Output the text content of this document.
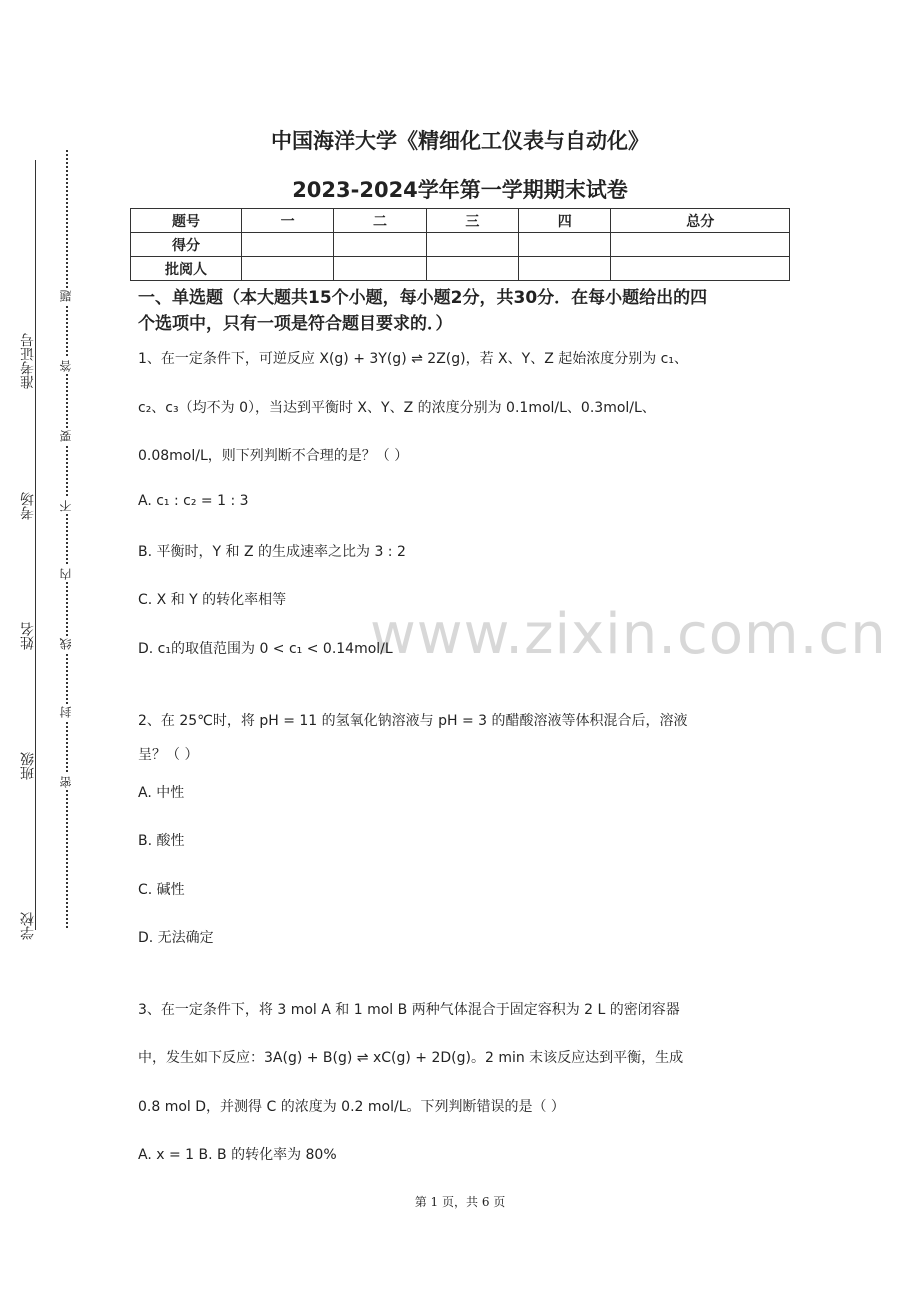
准考证号
考场
姓名
班级
学校
题
答
要
不
内
线
封
密
中国海洋大学《精细化工仪表与自动化》
2023-2024学年第一学期期末试卷
题号	一	二	三	四	总分
得分					
批阅人					
一、单选题（本大题共15个小题，每小题2分，共30分．在每小题给出的四
个选项中，只有一项是符合题目要求的．）
www.zixin.com.cn
1、在一定条件下，可逆反应 X(g) + 3Y(g) ⇌ 2Z(g)，若 X、Y、Z 起始浓度分别为 c₁、
c₂、c₃（均不为 0），当达到平衡时 X、Y、Z 的浓度分别为 0.1mol/L、0.3mol/L、
0.08mol/L，则下列判断不合理的是？（ ）
A. c₁ : c₂ = 1 : 3
B. 平衡时，Y 和 Z 的生成速率之比为 3 : 2
C. X 和 Y 的转化率相等
D. c₁的取值范围为 0 < c₁ < 0.14mol/L
2、在 25℃时，将 pH = 11 的氢氧化钠溶液与 pH = 3 的醋酸溶液等体积混合后，溶液
呈？（ ）
A. 中性
B. 酸性
C. 碱性
D. 无法确定
3、在一定条件下，将 3 mol A 和 1 mol B 两种气体混合于固定容积为 2 L 的密闭容器
中，发生如下反应：3A(g) + B(g) ⇌ xC(g) + 2D(g)。2 min 末该反应达到平衡，生成
0.8 mol D，并测得 C 的浓度为 0.2 mol/L。下列判断错误的是（ ）
A. x = 1 B. B 的转化率为 80%
第 1 页，共 6 页
